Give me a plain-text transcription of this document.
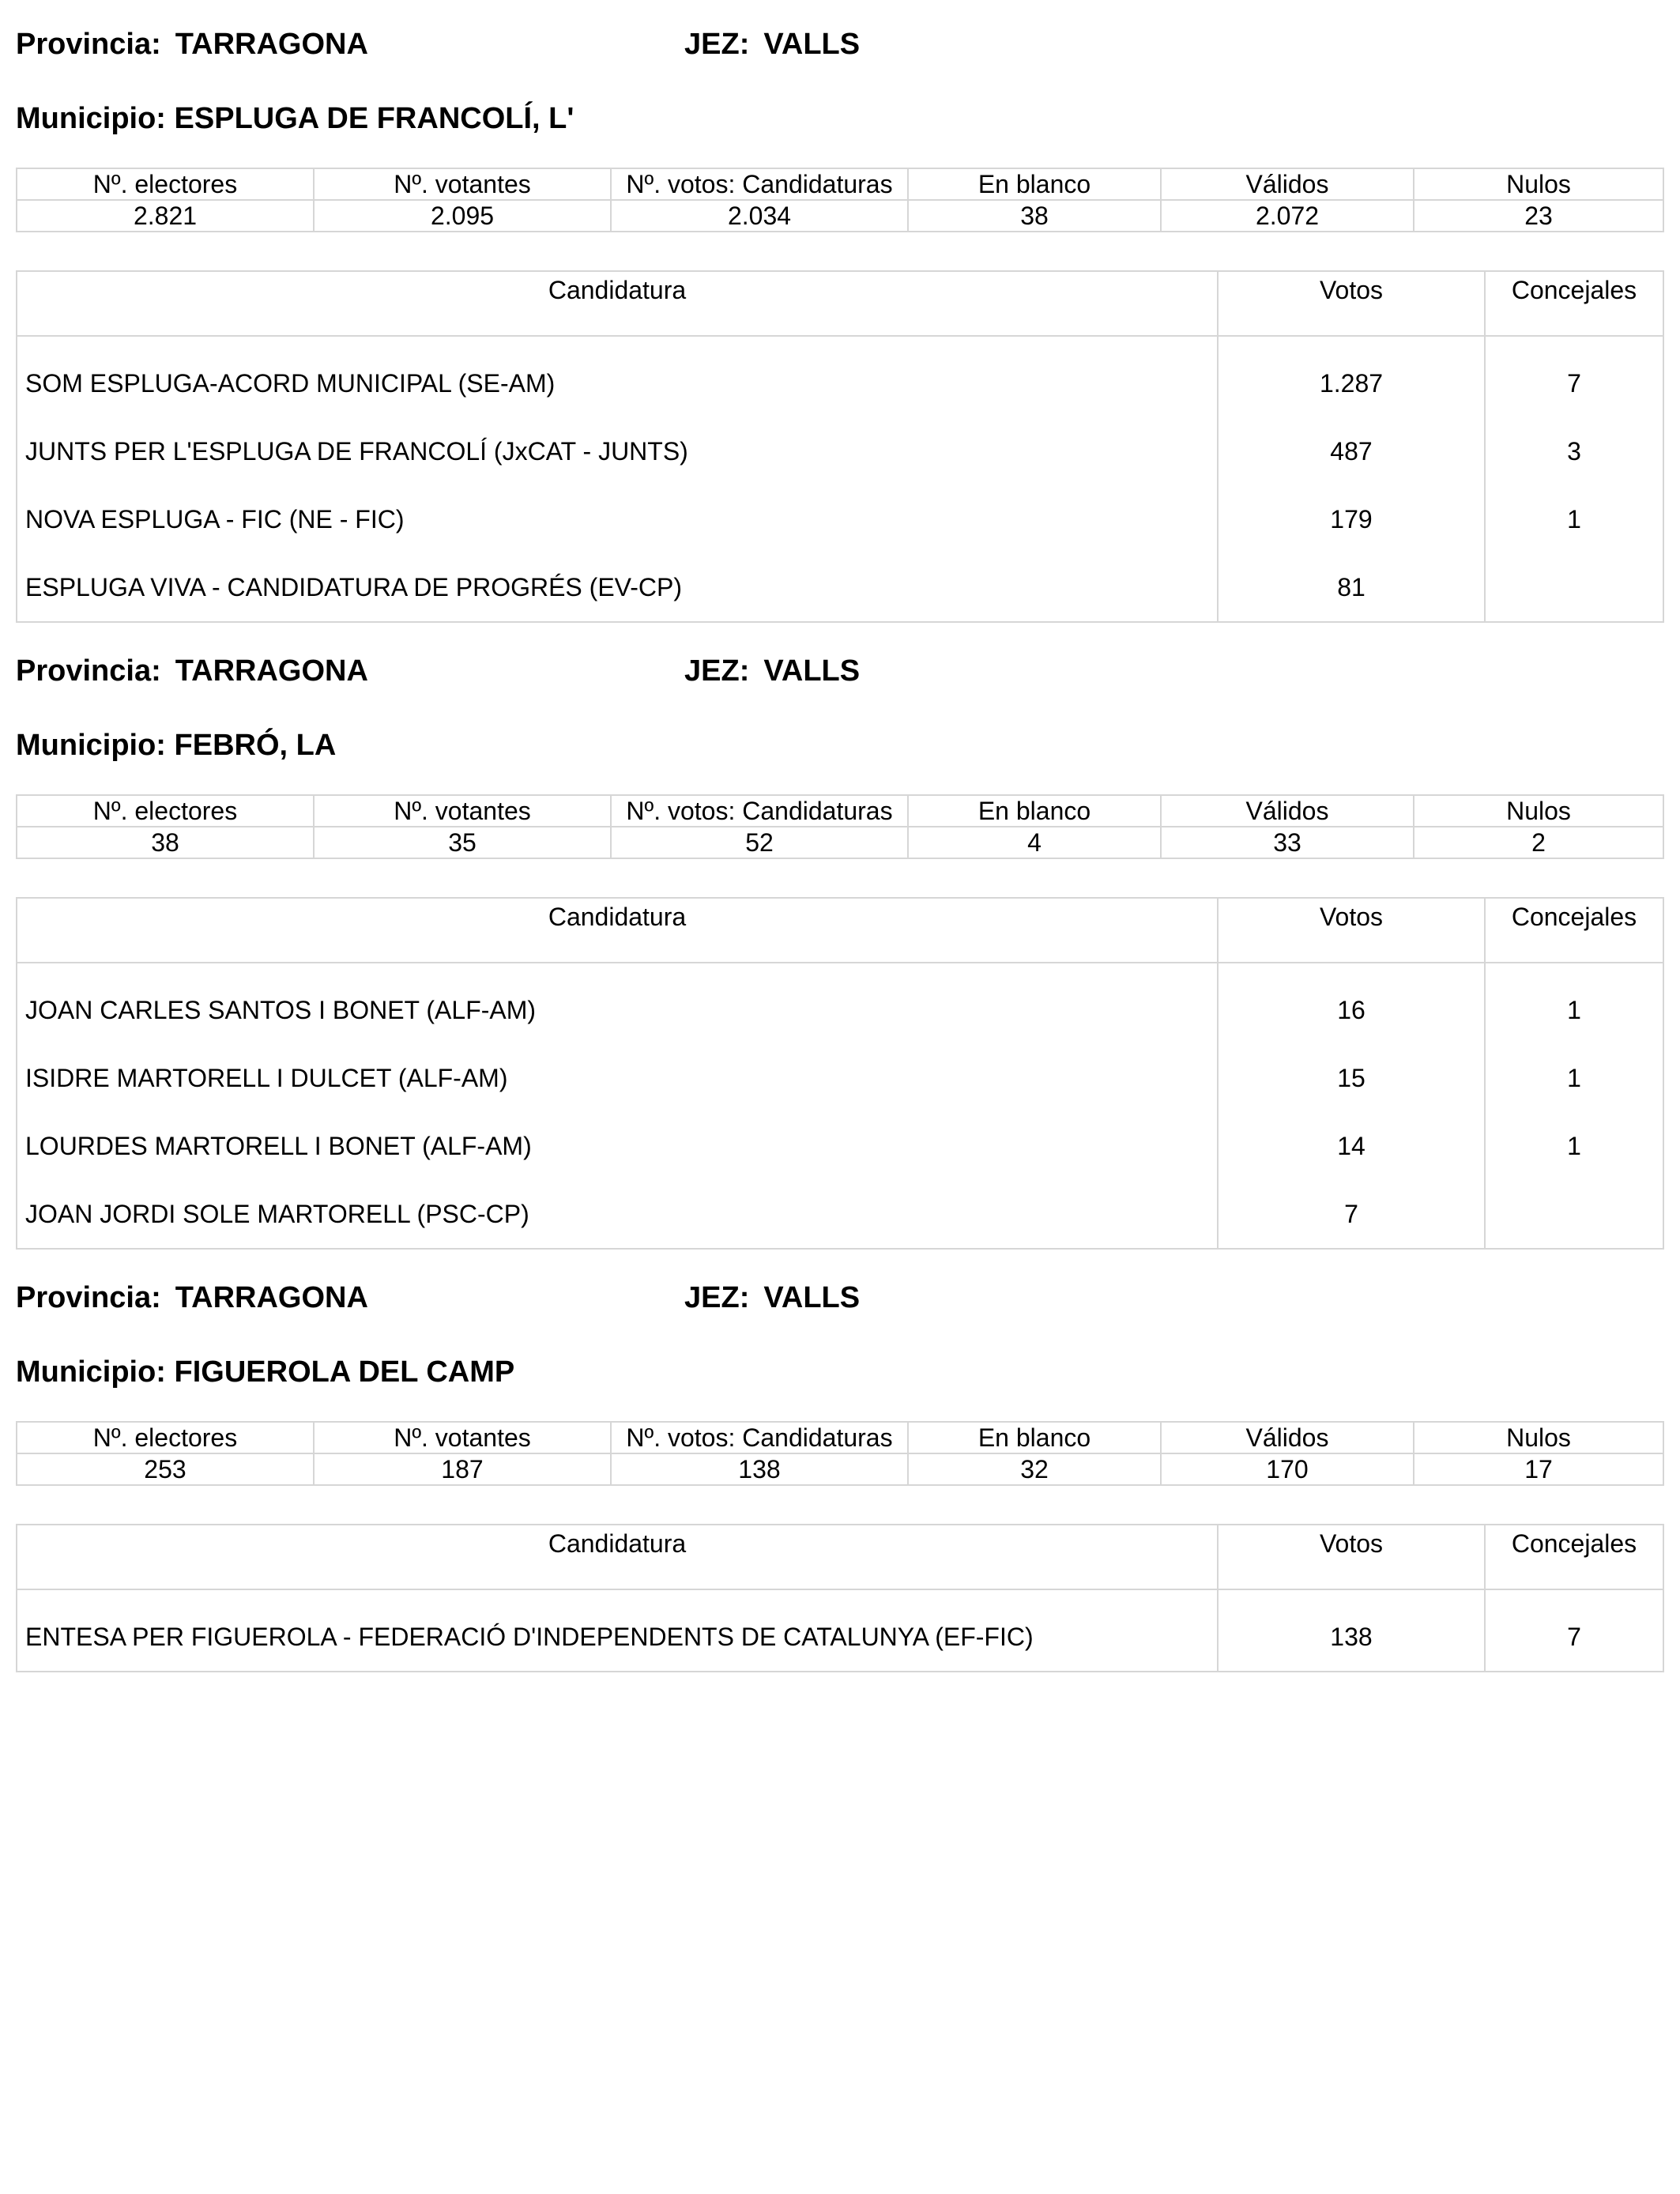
Provincia: TARRAGONA	JEZ: VALLS
Municipio: ESPLUGA DE FRANCOLÍ, L'
Nº. electores	Nº. votantes	Nº. votos: Candidaturas	En blanco	Válidos	Nulos
2.821	2.095	2.034	38	2.072	23
Candidatura	Votos	Concejales
SOM ESPLUGA-ACORD MUNICIPAL (SE-AM)	1.287	7
JUNTS PER L'ESPLUGA DE FRANCOLÍ (JxCAT - JUNTS)	487	3
NOVA ESPLUGA - FIC (NE - FIC)	179	1
ESPLUGA VIVA - CANDIDATURA DE PROGRÉS (EV-CP)	81	
Provincia: TARRAGONA	JEZ: VALLS
Municipio: FEBRÓ, LA
Nº. electores	Nº. votantes	Nº. votos: Candidaturas	En blanco	Válidos	Nulos
38	35	52	4	33	2
Candidatura	Votos	Concejales
JOAN CARLES SANTOS I BONET (ALF-AM)	16	1
ISIDRE MARTORELL I DULCET (ALF-AM)	15	1
LOURDES MARTORELL I BONET (ALF-AM)	14	1
JOAN JORDI SOLE MARTORELL (PSC-CP)	7	
Provincia: TARRAGONA	JEZ: VALLS
Municipio: FIGUEROLA DEL CAMP
Nº. electores	Nº. votantes	Nº. votos: Candidaturas	En blanco	Válidos	Nulos
253	187	138	32	170	17
Candidatura	Votos	Concejales
ENTESA PER FIGUEROLA - FEDERACIÓ D'INDEPENDENTS DE CATALUNYA (EF-FIC)	138	7
